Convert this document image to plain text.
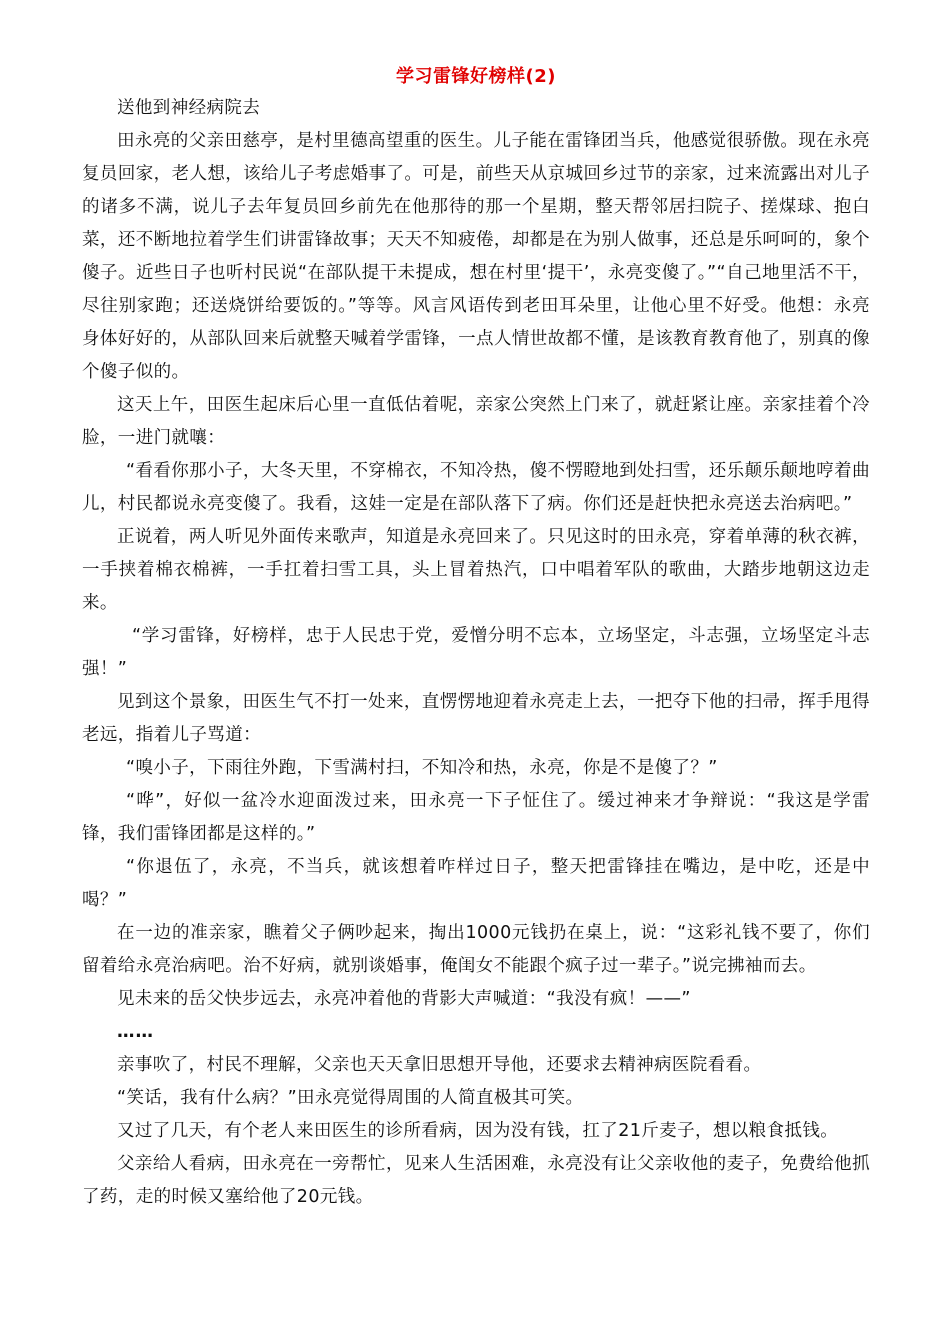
学习雷锋好榜样(2)

送他到神经病院去

田永亮的父亲田慈亭，是村里德高望重的医生。儿子能在雷锋团当兵，他感觉很骄傲。现在永亮复员回家，老人想，该给儿子考虑婚事了。可是，前些天从京城回乡过节的亲家，过来流露出对儿子的诸多不满，说儿子去年复员回乡前先在他那待的那一个星期，整天帮邻居扫院子、搓煤球、抱白菜，还不断地拉着学生们讲雷锋故事；天天不知疲倦，却都是在为别人做事，还总是乐呵呵的，象个傻子。近些日子也听村民说“在部队提干未提成，想在村里‘提干’，永亮变傻了。”“自己地里活不干，尽往别家跑；还送烧饼给要饭的。”等等。风言风语传到老田耳朵里，让他心里不好受。他想：永亮身体好好的，从部队回来后就整天喊着学雷锋，一点人情世故都不懂，是该教育教育他了，别真的像个傻子似的。

这天上午，田医生起床后心里一直低估着呢，亲家公突然上门来了，就赶紧让座。亲家挂着个冷脸，一进门就嚷：

“看看你那小子，大冬天里，不穿棉衣，不知冷热，傻不愣瞪地到处扫雪，还乐颠乐颠地哼着曲儿，村民都说永亮变傻了。我看，这娃一定是在部队落下了病。你们还是赶快把永亮送去治病吧。”

正说着，两人听见外面传来歌声，知道是永亮回来了。只见这时的田永亮，穿着单薄的秋衣裤，一手挟着棉衣棉裤，一手扛着扫雪工具，头上冒着热汽，口中唱着军队的歌曲，大踏步地朝这边走来。

“学习雷锋，好榜样，忠于人民忠于党，爱憎分明不忘本，立场坚定，斗志强，立场坚定斗志强！”

见到这个景象，田医生气不打一处来，直愣愣地迎着永亮走上去，一把夺下他的扫帚，挥手甩得老远，指着儿子骂道：

“嗅小子，下雨往外跑，下雪满村扫，不知冷和热，永亮，你是不是傻了？”

“哗”，好似一盆冷水迎面泼过来，田永亮一下子怔住了。缓过神来才争辩说：“我这是学雷锋，我们雷锋团都是这样的。”

“你退伍了，永亮，不当兵，就该想着咋样过日子，整天把雷锋挂在嘴边，是中吃，还是中喝？”

在一边的准亲家，瞧着父子俩吵起来，掏出1000元钱扔在桌上，说：“这彩礼钱不要了，你们留着给永亮治病吧。治不好病，就别谈婚事，俺闺女不能跟个疯子过一辈子。”说完拂袖而去。

见未来的岳父快步远去，永亮冲着他的背影大声喊道：“我没有疯！——”

……

亲事吹了，村民不理解，父亲也天天拿旧思想开导他，还要求去精神病医院看看。

“笑话，我有什么病？”田永亮觉得周围的人简直极其可笑。

又过了几天，有个老人来田医生的诊所看病，因为没有钱，扛了21斤麦子，想以粮食抵钱。

父亲给人看病，田永亮在一旁帮忙，见来人生活困难，永亮没有让父亲收他的麦子，免费给他抓了药，走的时候又塞给他了20元钱。
